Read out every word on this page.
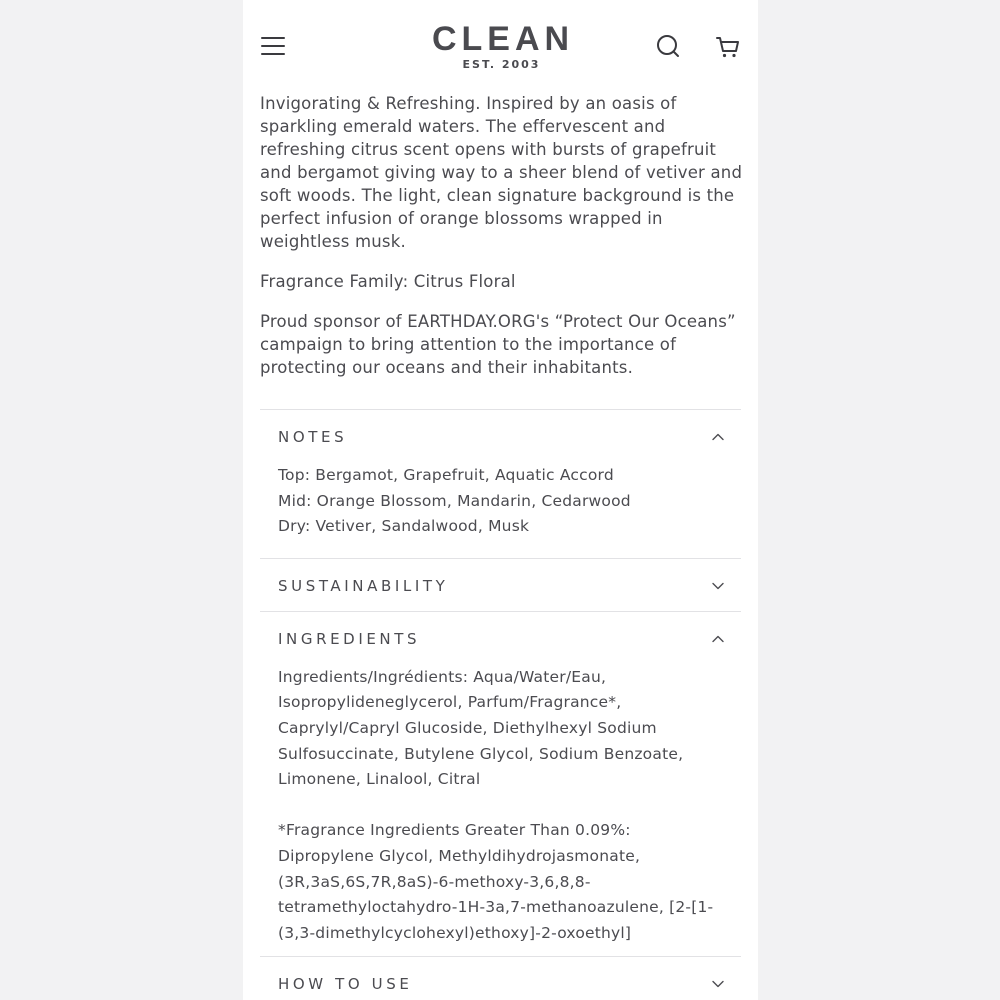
CLEAN
EST. 2003

Invigorating & Refreshing. Inspired by an oasis of sparkling emerald waters. The effervescent and refreshing citrus scent opens with bursts of grapefruit and bergamot giving way to a sheer blend of vetiver and soft woods. The light, clean signature background is the perfect infusion of orange blossoms wrapped in weightless musk.

Fragrance Family: Citrus Floral

Proud sponsor of EARTHDAY.ORG's “Protect Our Oceans” campaign to bring attention to the importance of protecting our oceans and their inhabitants.

NOTES
Top: Bergamot, Grapefruit, Aquatic Accord
Mid: Orange Blossom, Mandarin, Cedarwood
Dry: Vetiver, Sandalwood, Musk
SUSTAINABILITY
INGREDIENTS
Ingredients/Ingrédients: Aqua/Water/Eau,
Isopropylideneglycerol, Parfum/Fragrance*,
Caprylyl/Capryl Glucoside, Diethylhexyl Sodium
Sulfosuccinate, Butylene Glycol, Sodium Benzoate,
Limonene, Linalool, Citral
*Fragrance Ingredients Greater Than 0.09%:
Dipropylene Glycol, Methyldihydrojasmonate,
(3R,3aS,6S,7R,8aS)-6-methoxy-3,6,8,8-
tetramethyloctahydro-1H-3a,7-methanoazulene, [2-[1-
(3,3-dimethylcyclohexyl)ethoxy]-2-oxoethyl]
HOW TO USE
